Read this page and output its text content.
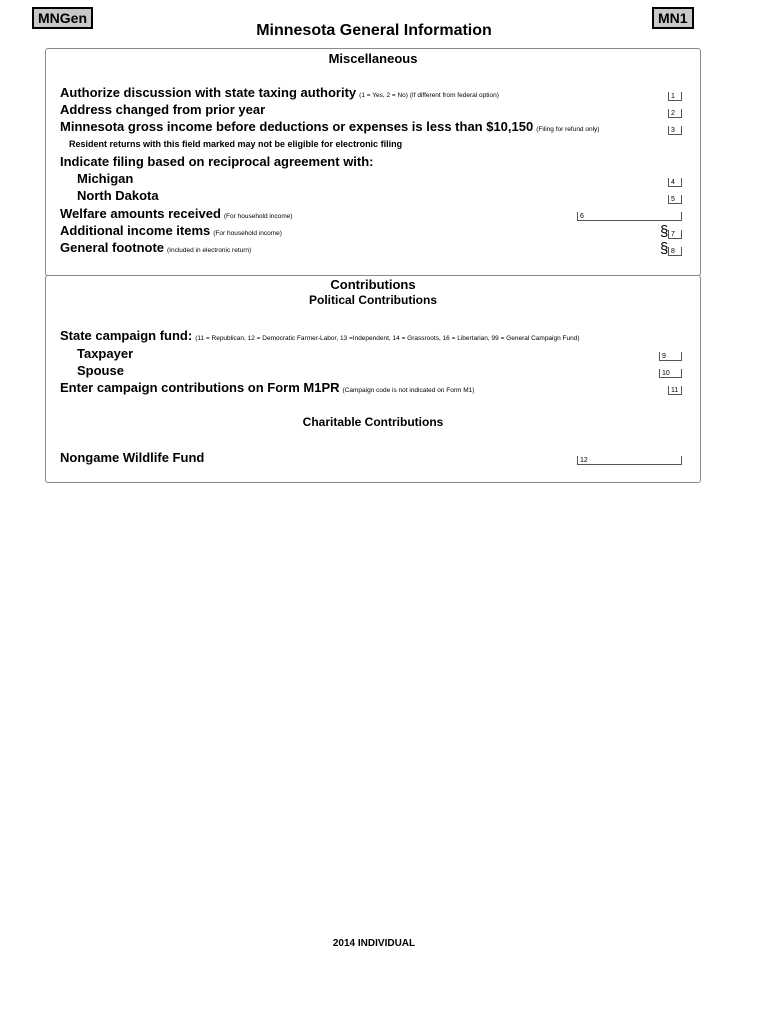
MNGen	MN1
Minnesota General Information
Miscellaneous
Authorize discussion with state taxing authority (1 = Yes, 2 = No) (If different from federal option)	1
Address changed from prior year	2
Minnesota gross income before deductions or expenses is less than $10,150 (Filing for refund only)	3
Resident returns with this field marked may not be eligible for electronic filing
Indicate filing based on reciprocal agreement with:
Michigan	4
North Dakota	5
Welfare amounts received (For household income)	6
Additional income items (For household income)	§ 7
General footnote (Included in electronic return)	§ 8
Contributions
Political Contributions
State campaign fund: (11 = Republican, 12 = Democratic Farmer-Labor, 13 =Independent, 14 = Grassroots, 16 = Libertarian, 99 = General Campaign Fund)
Taxpayer	9
Spouse	10
Enter campaign contributions on Form M1PR (Campaign code is not indicated on Form M1)	11
Charitable Contributions
Nongame Wildlife Fund	12
2014 INDIVIDUAL
